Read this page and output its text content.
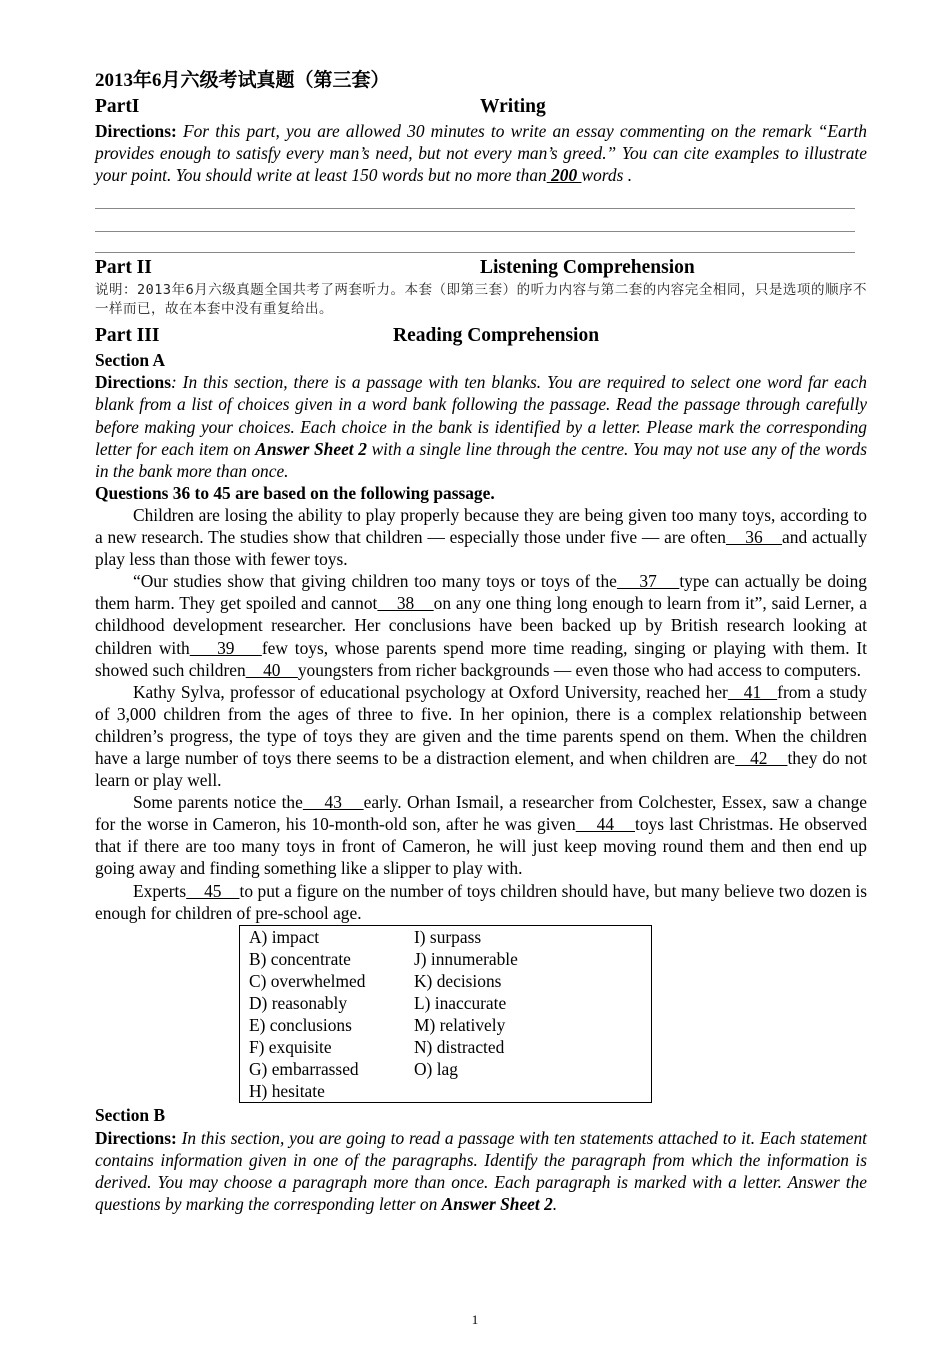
2013年6月六级考试真题（第三套）
PartI	Writing
Directions: For this part, you are allowed 30 minutes to write an essay commenting on the remark “Earth provides enough to satisfy every man’s need, but not every man’s greed.” You can cite examples to illustrate your point. You should write at least 150 words but no more than 200 words .
Part II	Listening Comprehension
说明：2013年6月六级真题全国共考了两套听力。本套（即第三套）的听力内容与第二套的内容完全相同，只是选项的顺序不一样而已，故在本套中没有重复给出。
Part III	Reading Comprehension
Section A
Directions: In this section, there is a passage with ten blanks. You are required to select one word far each blank from a list of choices given in a word bank following the passage. Read the passage through carefully before making your choices. Each choice in the bank is identified by a letter. Please mark the corresponding letter for each item on Answer Sheet 2 with a single line through the centre. You may not use any of the words in the bank more than once.
Questions 36 to 45 are based on the following passage.
Children are losing the ability to play properly because they are being given too many toys, according to a new research. The studies show that children — especially those under five — are often    36    and actually play less than those with fewer toys.
“Our studies show that giving children too many toys or toys of the    37    type can actually be doing them harm. They get spoiled and cannot    38    on any one thing long enough to learn from it”, said Lerner, a childhood development researcher. Her conclusions have been backed up by British research looking at children with    39    few toys, whose parents spend more time reading, singing or playing with them. It showed such children    40    youngsters from richer backgrounds — even those who had access to computers.
Kathy Sylva, professor of educational psychology at Oxford University, reached her   41   from a study of 3,000 children from the ages of three to five. In her opinion, there is a complex relationship between children’s progress, the type of toys they are given and the time parents spend on them. When the children have a large number of toys there seems to be a distraction element, and when children are   42    they do not learn or play well.
Some parents notice the    43    early. Orhan Ismail, a researcher from Colchester, Essex, saw a change for the worse in Cameron, his 10-month-old son, after he was given    44    toys last Christmas. He observed that if there are too many toys in front of Cameron, he will just keep moving round them and then end up going away and finding something like a slipper to play with.
Experts    45    to put a figure on the number of toys children should have, but many believe two dozen is enough for children of pre-school age.
A) impact	I) surpass
B) concentrate	J) innumerable
C) overwhelmed	K) decisions
D) reasonably	L) inaccurate
E) conclusions	M) relatively
F) exquisite	N) distracted
G) embarrassed	O) lag
H) hesitate
Section B
Directions: In this section, you are going to read a passage with ten statements attached to it. Each statement contains information given in one of the paragraphs. Identify the paragraph from which the information is derived. You may choose a paragraph more than once. Each paragraph is marked with a letter. Answer the questions by marking the corresponding letter on Answer Sheet 2.
1
